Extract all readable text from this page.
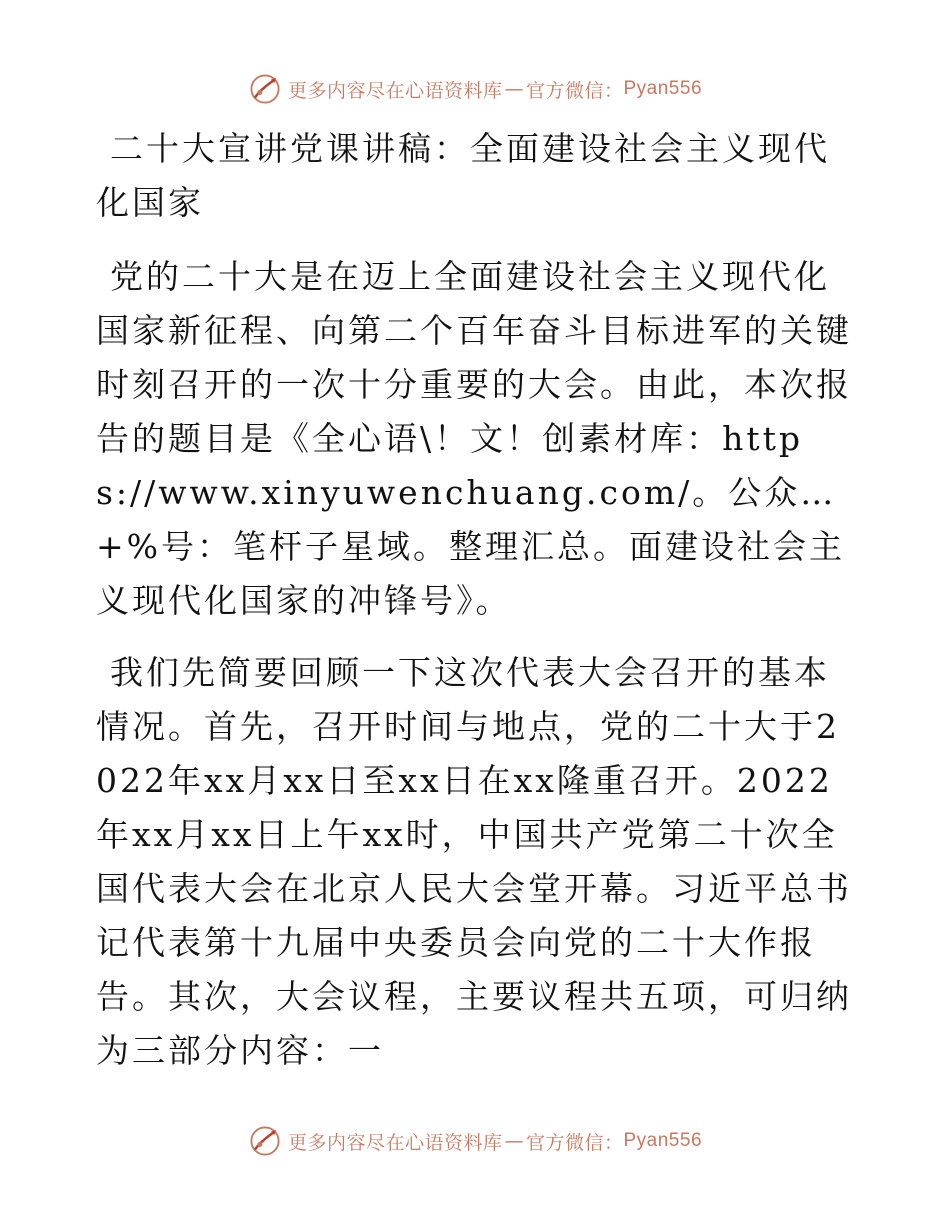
更多内容尽在心语资料库 — 官方微信： Pyan556
二十大宣讲党课讲稿：全面建设社会主义现代化国家

党的二十大是在迈上全面建设社会主义现代化国家新征程、向第二个百年奋斗目标进军的关键时刻召开的一次十分重要的大会。由此，本次报告的题目是《全心语\！文！创素材库：https://www.xinyuwenchuang.com/。公众…+%号：笔杆子星域。整理汇总。面建设社会主义现代化国家的冲锋号》。

我们先简要回顾一下这次代表大会召开的基本情况。首先，召开时间与地点，党的二十大于2022年xx月xx日至xx日在xx隆重召开。2022年xx月xx日上午xx时，中国共产党第二十次全国代表大会在北京人民大会堂开幕。习近平总书记代表第十九届中央委员会向党的二十大作报告。其次，大会议程，主要议程共五项，可归纳为三部分内容：一

更多内容尽在心语资料库 — 官方微信： Pyan556
